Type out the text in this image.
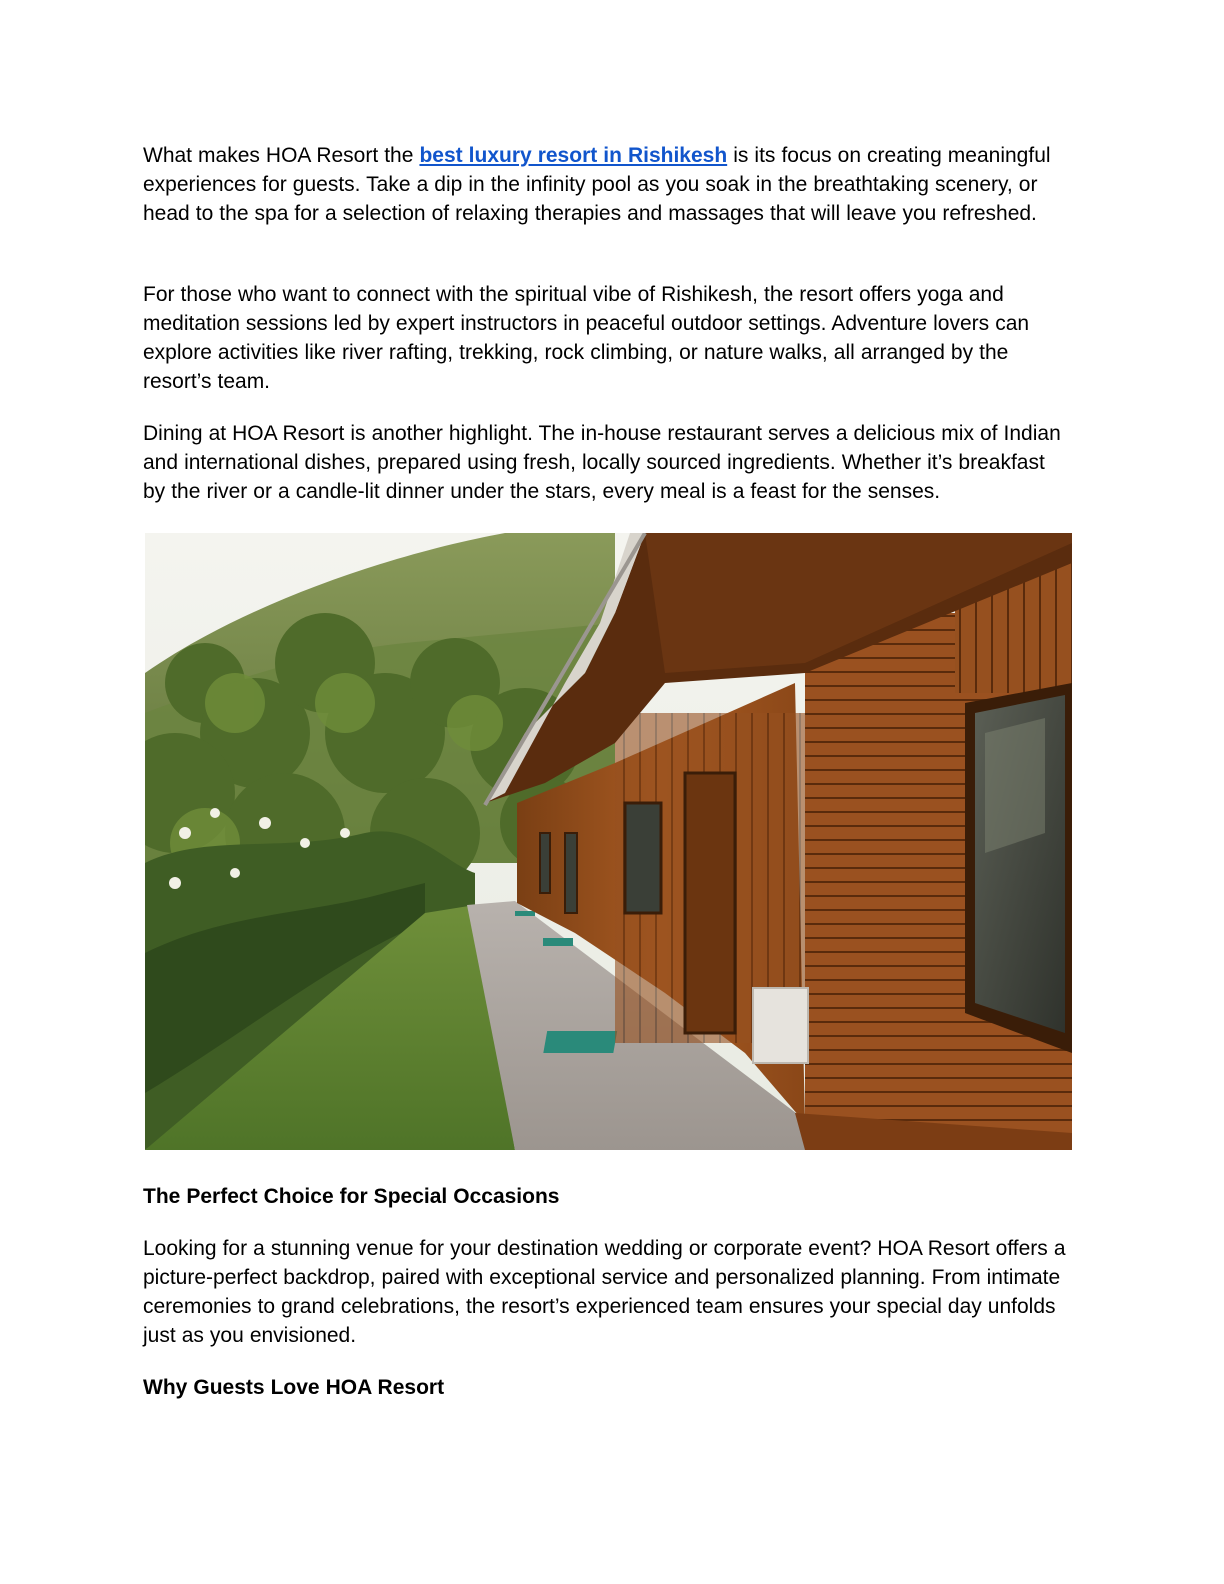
What makes HOA Resort the best luxury resort in Rishikesh is its focus on creating meaningful experiences for guests. Take a dip in the infinity pool as you soak in the breathtaking scenery, or head to the spa for a selection of relaxing therapies and massages that will leave you refreshed.

For those who want to connect with the spiritual vibe of Rishikesh, the resort offers yoga and meditation sessions led by expert instructors in peaceful outdoor settings. Adventure lovers can explore activities like river rafting, trekking, rock climbing, or nature walks, all arranged by the resort’s team.

Dining at HOA Resort is another highlight. The in-house restaurant serves a delicious mix of Indian and international dishes, prepared using fresh, locally sourced ingredients. Whether it’s breakfast by the river or a candle-lit dinner under the stars, every meal is a feast for the senses.

The Perfect Choice for Special Occasions

Looking for a stunning venue for your destination wedding or corporate event? HOA Resort offers a picture-perfect backdrop, paired with exceptional service and personalized planning. From intimate ceremonies to grand celebrations, the resort’s experienced team ensures your special day unfolds just as you envisioned.

Why Guests Love HOA Resort
